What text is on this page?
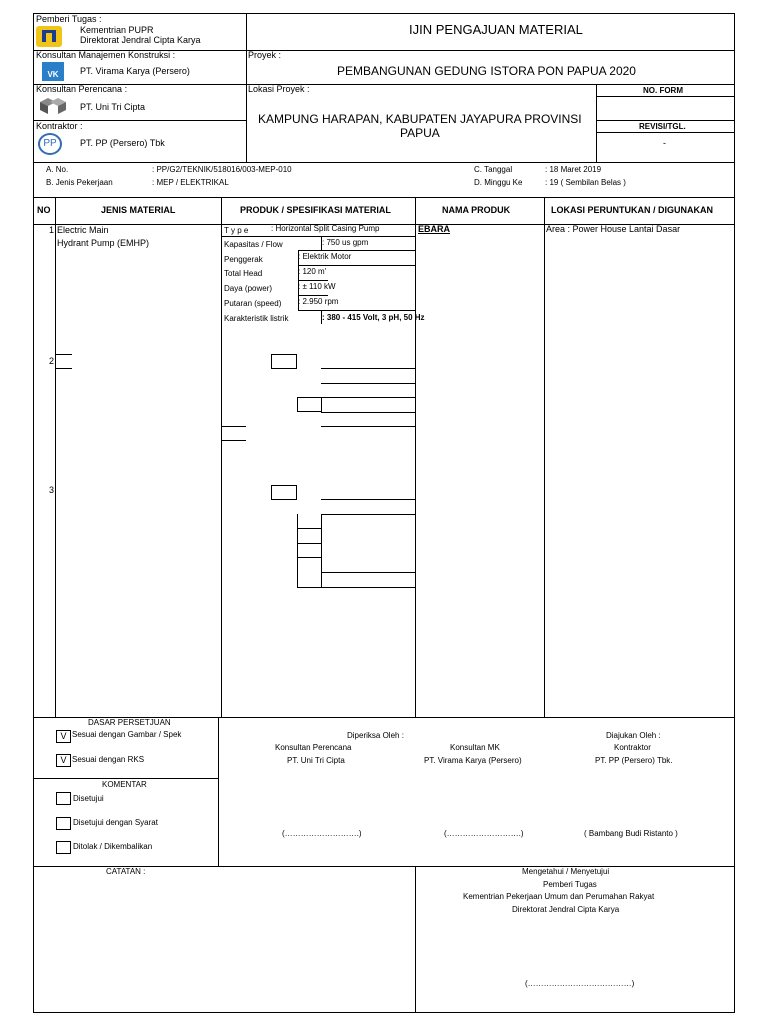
Pemberi Tugas :
Kementrian PUPR
Direktorat Jendral Cipta Karya
IJIN PENGAJUAN MATERIAL
Konsultan Manajemen Konstruksi :
VK	PT. Virama Karya (Persero)
Proyek :
PEMBANGUNAN GEDUNG ISTORA PON PAPUA 2020
Konsultan Perencana :
PT. Uni Tri Cipta
Lokasi Proyek :
KAMPUNG HARAPAN, KABUPATEN JAYAPURA PROVINSI
PAPUA
NO. FORM
REVISI/TGL.
-
Kontraktor :
PP	PT. PP (Persero) Tbk
A. No.	: PP/G2/TEKNIK/518016/003-MEP-010
B. Jenis Pekerjaan	: MEP / ELEKTRIKAL
C. Tanggal	: 18 Maret 2019
D. Minggu Ke	: 19 ( Sembilan Belas )
NO	JENIS MATERIAL	PRODUK / SPESIFIKASI MATERIAL	NAMA PRODUK	LOKASI PERUNTUKAN / DIGUNAKAN
1 Electric Main
Hydrant Pump (EMHP)
T y p e	: Horizontal Split Casing Pump
Kapasitas / Flow	: 750 us gpm
Penggerak	: Elektrik Motor
Total Head	: 120 m'
Daya (power)	: ± 110 kW
Putaran (speed) : 2.950 rpm
Karakteristik listrik	: 380 - 415 Volt, 3 pH, 50 Hz
EBARA	Area : Power House Lantai Dasar
2
3
DASAR PERSETJUAN
V Sesuai dengan Gambar / Spek
V Sesuai dengan RKS
KOMENTAR
Disetujui
Disetujui dengan Syarat
Ditolak / Dikembalikan
Diperiksa Oleh :
Konsultan Perencana
PT. Uni Tri Cipta
Konsultan MK
PT. Virama Karya (Persero)
Diajukan Oleh :
Kontraktor
PT. PP (Persero) Tbk.
(……………………….)	(……………………….)	( Bambang Budi Ristanto )
CATATAN :	Mengetahui / Menyetujui
Pemberi Tugas
Kementrian Pekerjaan Umum dan Perumahan Rakyat
Direktorat Jendral Cipta Karya
(…………………………………)
